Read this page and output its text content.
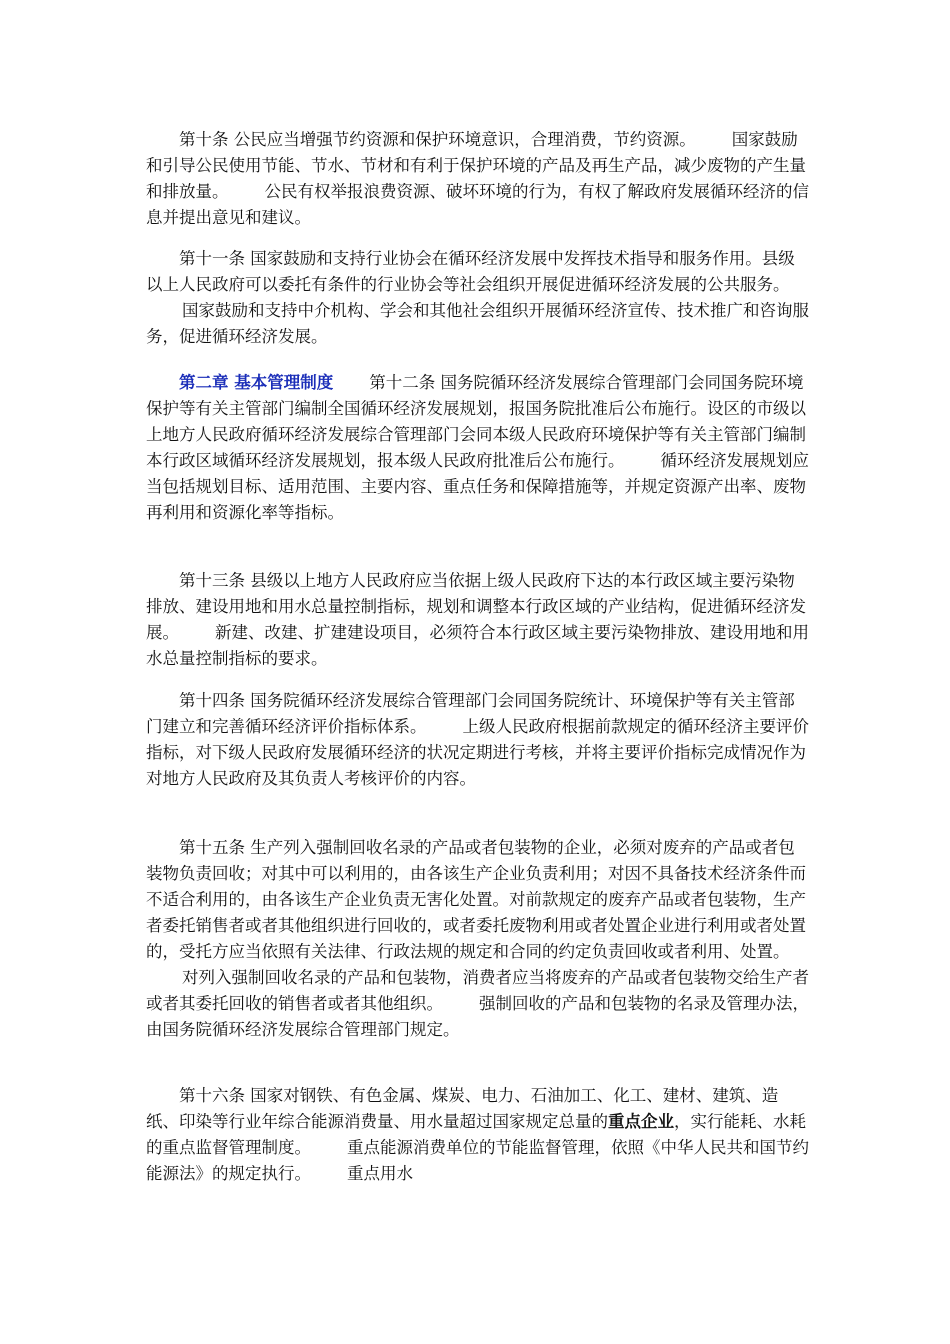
第十条 公民应当增强节约资源和保护环境意识，合理消费，节约资源。 国家鼓励和引导公民使用节能、节水、节材和有利于保护环境的产品及再生产品，减少废物的产生量和排放量。 公民有权举报浪费资源、破坏环境的行为，有权了解政府发展循环经济的信息并提出意见和建议。

第十一条 国家鼓励和支持行业协会在循环经济发展中发挥技术指导和服务作用。县级以上人民政府可以委托有条件的行业协会等社会组织开展促进循环经济发展的公共服务。国家鼓励和支持中介机构、学会和其他社会组织开展循环经济宣传、技术推广和咨询服务，促进循环经济发展。

第二章 基本管理制度 第十二条 国务院循环经济发展综合管理部门会同国务院环境保护等有关主管部门编制全国循环经济发展规划，报国务院批准后公布施行。设区的市级以上地方人民政府循环经济发展综合管理部门会同本级人民政府环境保护等有关主管部门编制本行政区域循环经济发展规划，报本级人民政府批准后公布施行。 循环经济发展规划应当包括规划目标、适用范围、主要内容、重点任务和保障措施等，并规定资源产出率、废物再利用和资源化率等指标。

第十三条 县级以上地方人民政府应当依据上级人民政府下达的本行政区域主要污染物排放、建设用地和用水总量控制指标，规划和调整本行政区域的产业结构，促进循环经济发展。 新建、改建、扩建建设项目，必须符合本行政区域主要污染物排放、建设用地和用水总量控制指标的要求。

第十四条 国务院循环经济发展综合管理部门会同国务院统计、环境保护等有关主管部门建立和完善循环经济评价指标体系。 上级人民政府根据前款规定的循环经济主要评价指标，对下级人民政府发展循环经济的状况定期进行考核，并将主要评价指标完成情况作为对地方人民政府及其负责人考核评价的内容。

第十五条 生产列入强制回收名录的产品或者包装物的企业，必须对废弃的产品或者包装物负责回收；对其中可以利用的，由各该生产企业负责利用；对因不具备技术经济条件而不适合利用的，由各该生产企业负责无害化处置。对前款规定的废弃产品或者包装物，生产者委托销售者或者其他组织进行回收的，或者委托废物利用或者处置企业进行利用或者处置的，受托方应当依照有关法律、行政法规的规定和合同的约定负责回收或者利用、处置。对列入强制回收名录的产品和包装物，消费者应当将废弃的产品或者包装物交给生产者或者其委托回收的销售者或者其他组织。 强制回收的产品和包装物的名录及管理办法，由国务院循环经济发展综合管理部门规定。

第十六条 国家对钢铁、有色金属、煤炭、电力、石油加工、化工、建材、建筑、造纸、印染等行业年综合能源消费量、用水量超过国家规定总量的重点企业，实行能耗、水耗的重点监督管理制度。 重点能源消费单位的节能监督管理，依照《中华人民共和国节约能源法》的规定执行。 重点用水
